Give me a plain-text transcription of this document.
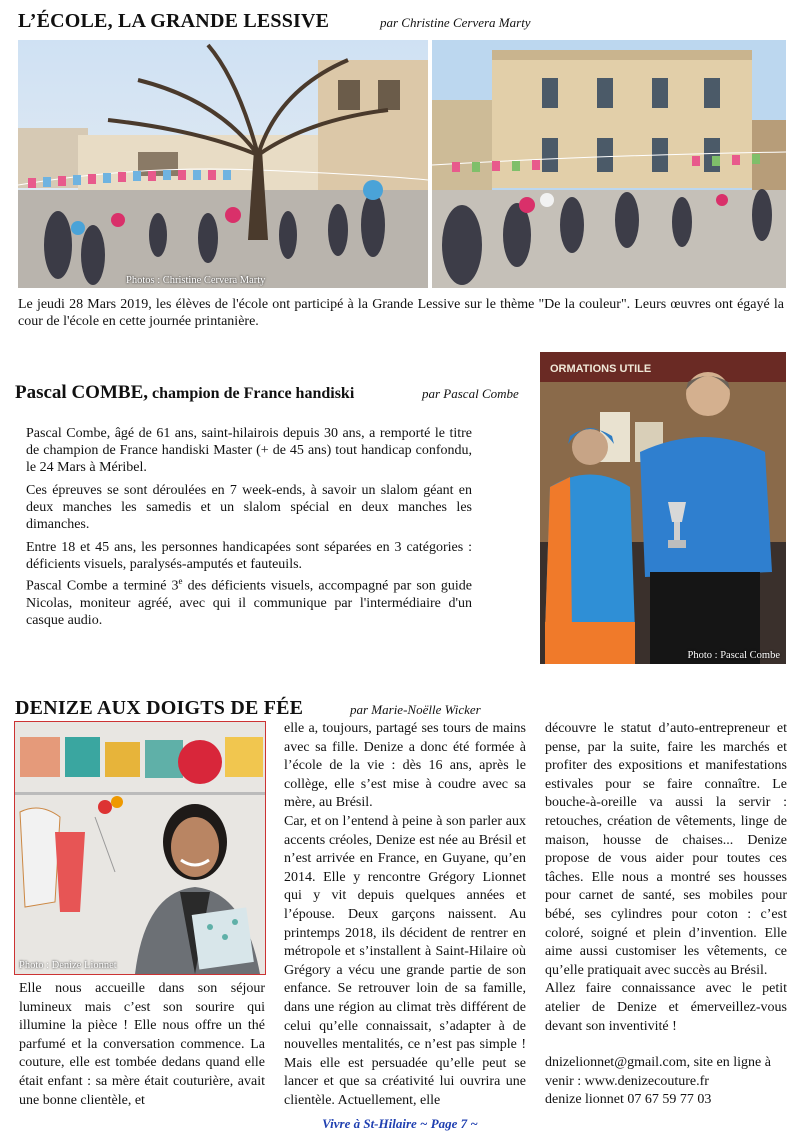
L’ÉCOLE, LA GRANDE LESSIVE	par Christine Cervera Marty
Photos : Christine Cervera Marty
Le jeudi 28 Mars 2019, les élèves de l'école ont participé à la Grande Lessive sur le thème "De la couleur". Leurs œuvres ont égayé la cour de l'école en cette journée printanière.
Pascal COMBE, champion de France handiski	par Pascal Combe

Pascal Combe, âgé de 61 ans, saint-hilairois depuis 30 ans, a remporté le titre de champion de France handiski Master (+ de 45 ans) tout handicap confondu, le 24 Mars à Méribel.

Ces épreuves se sont déroulées en 7 week-ends, à savoir un slalom géant en deux manches les samedis et un slalom spécial en deux manches les dimanches.

Entre 18 et 45 ans, les personnes handicapées sont séparées en 3 catégories : déficients visuels, paralysés-amputés et fauteuils.

Pascal Combe a terminé 3e des déficients visuels, accompagné par son guide Nicolas, moniteur agréé, avec qui il communique par l'intermédiaire d'un casque audio.

ORMATIONS UTILE
Photo : Pascal Combe
DENIZE AUX DOIGTS DE FÉE	par Marie-Noëlle Wicker
Photo : Denize Lionnet

Elle nous accueille dans son séjour lumineux mais c’est son sourire qui illumine la pièce ! Elle nous offre un thé parfumé et la conversation commence. La couture, elle est tombée dedans quand elle était enfant : sa mère était couturière, avait une bonne clientèle, et

elle a, toujours, partagé ses tours de mains avec sa fille. Denize a donc été formée à l’école de la vie : dès 16 ans, après le collège, elle s’est mise à coudre avec sa mère, au Brésil.

Car, et on l’entend à peine à son parler aux accents créoles, Denize est née au Brésil et n’est arrivée en France, en Guyane, qu’en 2014. Elle y rencontre Grégory Lionnet qui y vit depuis quelques années et l’épouse. Deux garçons naissent. Au printemps 2018, ils décident de rentrer en métropole et s’installent à Saint-Hilaire où Grégory a vécu une grande partie de son enfance. Se retrouver loin de sa famille, dans une région au climat très différent de celui qu’elle connaissait, s’adapter à de nouvelles mentalités, ce n’est pas simple ! Mais elle est persuadée qu’elle peut se lancer et que sa créativité lui ouvrira une clientèle. Actuellement, elle

découvre le statut d’auto-entrepreneur et pense, par la suite, faire les marchés et profiter des expositions et manifestations estivales pour se faire connaître. Le bouche-à-oreille va aussi la servir : retouches, création de vêtements, linge de maison, housse de chaises... Denize propose de vous aider pour toutes ces tâches. Elle nous a montré ses housses pour carnet de santé, ses mobiles pour bébé, ses cylindres pour coton : c’est coloré, soigné et plein d’invention. Elle aime aussi customiser les vêtements, ce qu’elle pratiquait avec succès au Brésil.

Allez faire connaissance avec le petit atelier de Denize et émerveillez-vous devant son inventivité !

dnizelionnet@gmail.com, site en ligne à venir : www.denizecouture.fr

denize lionnet 07 67 59 77 03

Vivre à St-Hilaire ~ Page 7 ~
